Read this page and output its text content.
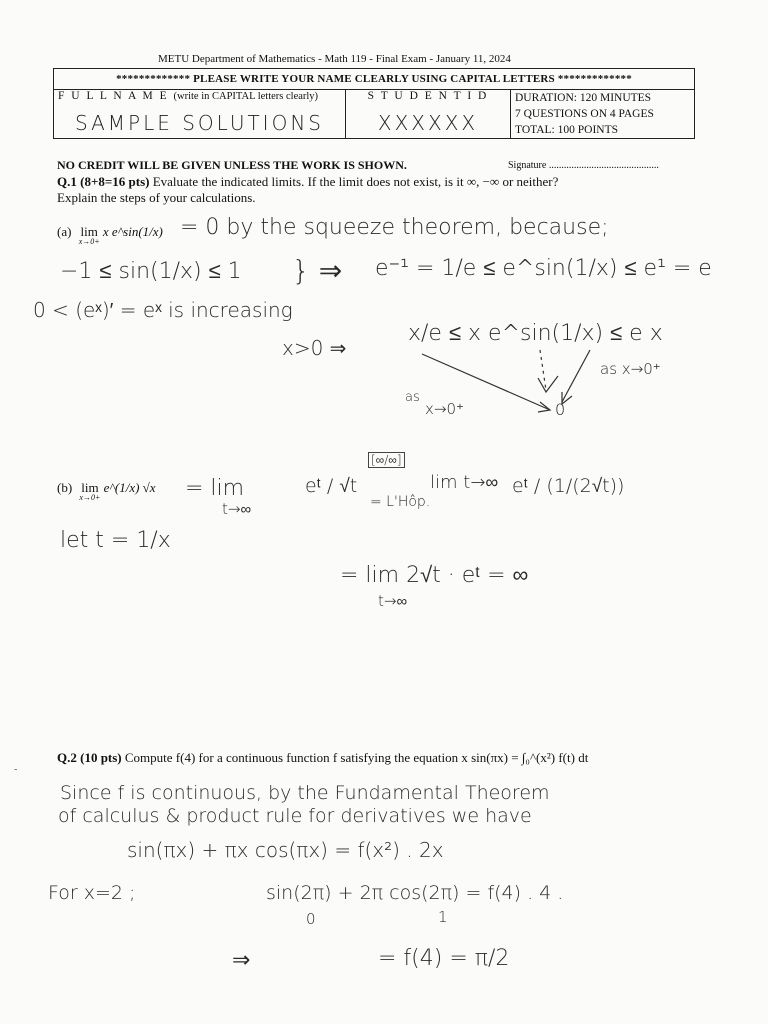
METU Department of Mathematics - Math 119 - Final Exam - January 11, 2024
************* PLEASE WRITE YOUR NAME CLEARLY USING CAPITAL LETTERS *************

F U L L N A M E (write in CAPITAL letters clearly)
SAMPLE SOLUTIONS

S T U D E N T I D
XXXXXX

DURATION: 120 MINUTES
7 QUESTIONS ON 4 PAGES
TOTAL: 100 POINTS
NO CREDIT WILL BE GIVEN UNLESS THE WORK IS SHOWN.	Signature ............................................
Q.1 (8+8=16 pts) Evaluate the indicated limits. If the limit does not exist, is it ∞, −∞ or neither?
Explain the steps of your calculations.
(a) lim
x→0+
x e^sin(1/x) = 0 by the squeeze theorem, because;
−1 ≤ sin(1/x) ≤ 1 } ⇒ e⁻¹ = 1/e ≤ e^sin(1/x) ≤ e¹ = e
0 < (eˣ)′ = eˣ is increasing
x>0 ⇒
x/e ≤ x e^sin(1/x) ≤ e x
as x→0⁺
as
x→0⁺	0
(b) lim
x→0+
e^(1/x) √x = lim
t→∞
eᵗ / √t
[∞/∞]
= L'Hôp.
lim t→∞ eᵗ / (1/(2√t))
let t = 1/x
= lim 2√t · eᵗ = ∞
t→∞
-
Q.2 (10 pts) Compute f(4) for a continuous function f satisfying the equation x sin(πx) = ∫₀^(x²) f(t) dt
Since f is continuous, by the Fundamental Theorem
of calculus & product rule for derivatives we have
sin(πx) + πx cos(πx) = f(x²) . 2x
For x=2 ;	sin(2π) + 2π cos(2π) = f(4) . 4 .
0	1
⇒	= f(4) = π/2
